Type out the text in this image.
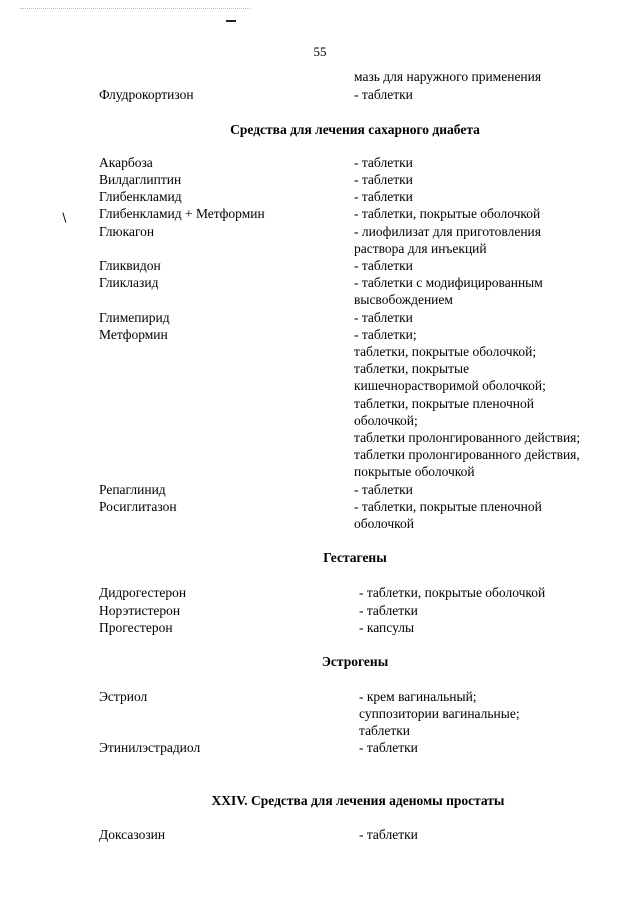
∖
55
мазь для наружного применения
Флудрокортизон	- таблетки
Средства для лечения сахарного диабета
Акарбоза	- таблетки
Вилдаглиптин	- таблетки
Глибенкламид	- таблетки
Глибенкламид + Метформин	- таблетки, покрытые оболочкой
Глюкагон	- лиофилизат для приготовления
раствора для инъекций
Гликвидон	- таблетки
Гликлазид	- таблетки с модифицированным
высвобождением
Глимепирид	- таблетки
Метформин	- таблетки;
таблетки, покрытые оболочкой;
таблетки, покрытые
кишечнорастворимой оболочкой;
таблетки, покрытые пленочной
оболочкой;
таблетки пролонгированного действия;
таблетки пролонгированного действия,
покрытые оболочкой
Репаглинид	- таблетки
Росиглитазон	- таблетки, покрытые пленочной
оболочкой
Гестагены
Дидрогестерон	- таблетки, покрытые оболочкой
Норэтистерон	- таблетки
Прогестерон	- капсулы
Эстрогены
Эстриол	- крем вагинальный;
суппозитории вагинальные;
таблетки
Этинилэстрадиол	- таблетки
XXIV. Средства для лечения аденомы простаты
Доксазозин	- таблетки
